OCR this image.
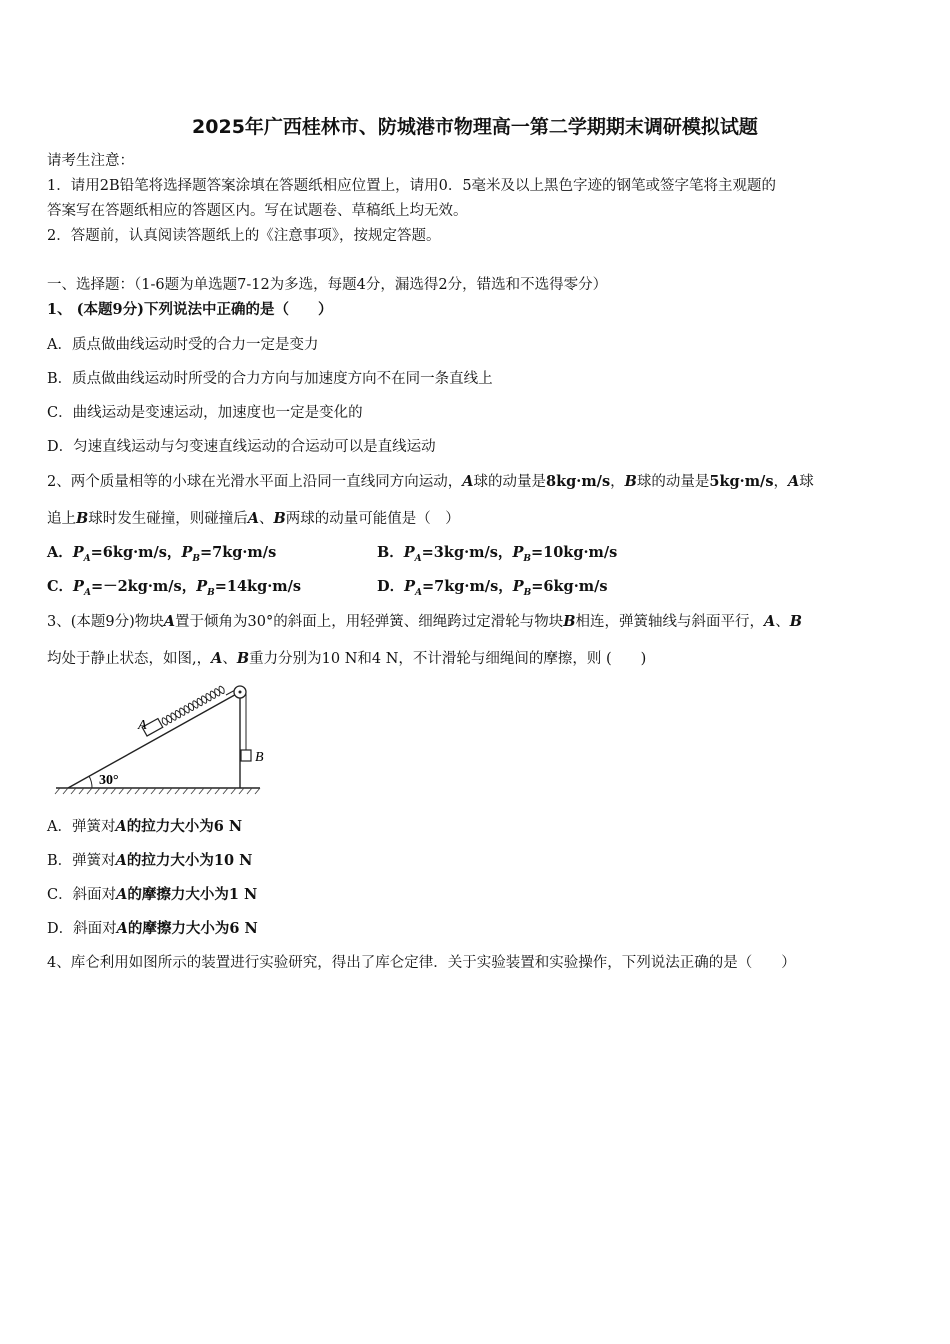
2025年广西桂林市、防城港市物理高一第二学期期末调研模拟试题
请考生注意：
1．请用2B铅笔将选择题答案涂填在答题纸相应位置上，请用0．5毫米及以上黑色字迹的钢笔或签字笔将主观题的
答案写在答题纸相应的答题区内。写在试题卷、草稿纸上均无效。
2．答题前，认真阅读答题纸上的《注意事项》，按规定答题。
一、选择题：（1-6题为单选题7-12为多选，每题4分，漏选得2分，错选和不选得零分）
1、 (本题9分)下列说法中正确的是（　　）
A．质点做曲线运动时受的合力一定是变力
B．质点做曲线运动时所受的合力方向与加速度方向不在同一条直线上
C．曲线运动是变速运动，加速度也一定是变化的
D．匀速直线运动与匀变速直线运动的合运动可以是直线运动
2、两个质量相等的小球在光滑水平面上沿同一直线同方向运动，A球的动量是8kg·m/s，B球的动量是5kg·m/s，A球
追上B球时发生碰撞，则碰撞后A、B两球的动量可能值是（　）
A．$P_A=6kg\cdot m/s$，$P_B=7kg\cdot m/s$	B．$P_A=3kg\cdot m/s$，$P_B=10kg\cdot m/s$
C．$P_A=-2kg\cdot m/s$，$P_B=14kg\cdot m/s$	D．$P_A=7kg\cdot m/s$，$P_B=6kg\cdot m/s$
3、(本题9分)物块A置于倾角为30°的斜面上，用轻弹簧、细绳跨过定滑轮与物块B相连，弹簧轴线与斜面平行，A、B
均处于静止状态，如图,，A、B重力分别为10 N和4 N，不计滑轮与细绳间的摩擦，则 (　　)
30°
A
B
A．弹簧对A的拉力大小为6 N
B．弹簧对A的拉力大小为10 N
C．斜面对A的摩擦力大小为1 N
D．斜面对A的摩擦力大小为6 N
4、库仑利用如图所示的装置进行实验研究，得出了库仑定律．关于实验装置和实验操作，下列说法正确的是（　　）
